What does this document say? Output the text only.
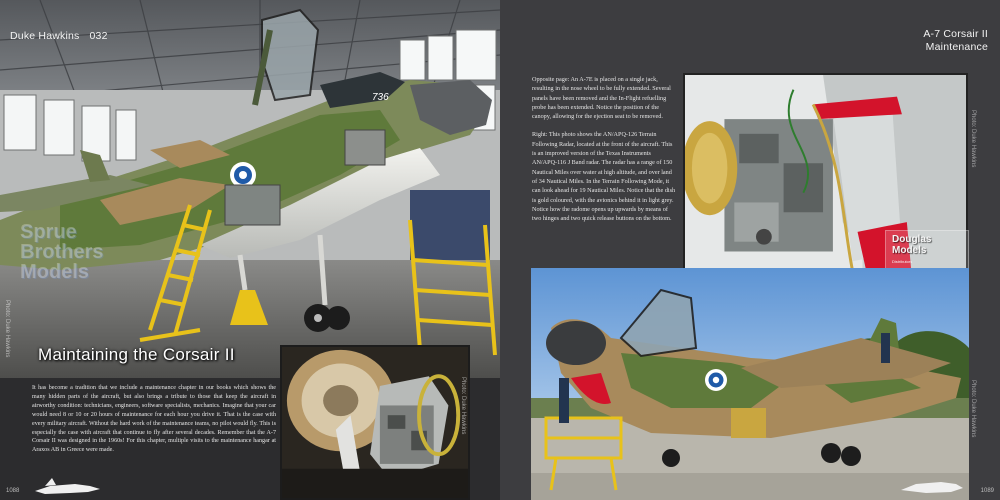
736
Duke Hawkins 032
Sprue
Brothers
Models
Photo: Duke Hawkins Maintaining the Corsair II
Photo: Duke Hawkins
It has become a tradition that we include a maintenance chapter in our books which shows the many hidden parts of the aircraft, but also brings a tribute to those that keep the aircraft in airworthy condition: technicians, engineers, software specialists, mechanics. Imagine that your car would need 8 or 10 or 20 hours of maintenance for each hour you drive it. That is the case with every military aircraft. Without the hard work of the maintenance teams, no pilot would fly. This is especially the case with aircraft that continue to fly after several decades. Remember that the A-7 Corsair II was designed in the 1960s! For this chapter, multiple visits to the maintenance hangar at Araxos AB in Greece were made.
1088
A-7 Corsair II
Maintenance

Opposite page: An A-7E is placed on a single jack, resulting in the nose wheel to be fully extended. Several panels have been removed and the In-Flight refuelling probe has been extended. Notice the position of the canopy, allowing for the ejection seat to be removed.

Right: This photo shows the AN/APQ-126 Terrain Following Radar, located at the front of the aircraft. This is an improved version of the Texas Instruments AN/APQ-116 J Band radar. The radar has a range of 150 Nautical Miles over water at high altitude, and over land of 34 Nautical Miles. In the Terrain Following Mode, it can look ahead for 19 Nautical Miles. Notice that the dish is gold coloured, with the avionics behind it in light grey. Notice how the radome opens up upwards by means of two hinges and two quick release buttons on the bottom.

Photo: Duke Hawkins
Douglas
Models
Distributors
Photo: Duke Hawkins
1089
